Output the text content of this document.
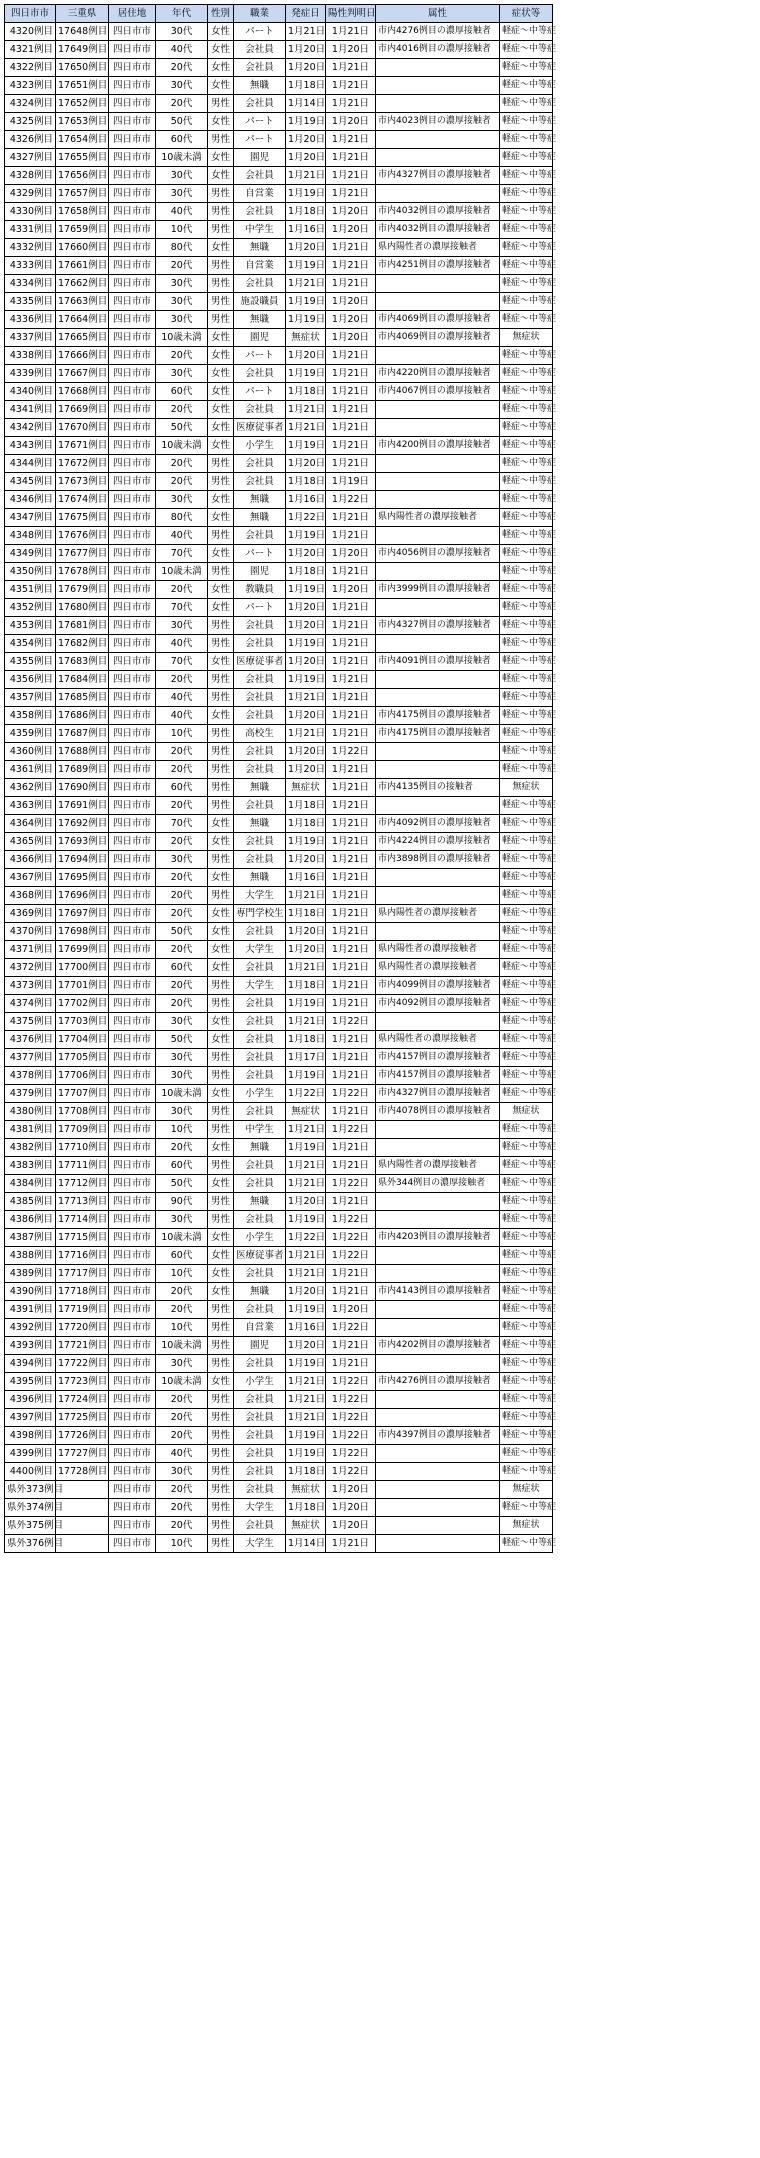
四日市市	三重県	居住地	年代	性別	職業	発症日	陽性判明日	属性	症状等
4320例目	17648例目	四日市市	30代	女性	パート	1月21日	1月21日	市内4276例目の濃厚接触者	軽症～中等症
4321例目	17649例目	四日市市	40代	女性	会社員	1月20日	1月20日	市内4016例目の濃厚接触者	軽症～中等症
4322例目	17650例目	四日市市	20代	女性	会社員	1月20日	1月21日		軽症～中等症
4323例目	17651例目	四日市市	30代	女性	無職	1月18日	1月21日		軽症～中等症
4324例目	17652例目	四日市市	20代	男性	会社員	1月14日	1月21日		軽症～中等症
4325例目	17653例目	四日市市	50代	女性	パート	1月19日	1月20日	市内4023例目の濃厚接触者	軽症～中等症
4326例目	17654例目	四日市市	60代	男性	パート	1月20日	1月21日		軽症～中等症
4327例目	17655例目	四日市市	10歳未満	女性	園児	1月20日	1月21日		軽症～中等症
4328例目	17656例目	四日市市	30代	女性	会社員	1月21日	1月21日	市内4327例目の濃厚接触者	軽症～中等症
4329例目	17657例目	四日市市	30代	男性	自営業	1月19日	1月21日		軽症～中等症
4330例目	17658例目	四日市市	40代	男性	会社員	1月18日	1月20日	市内4032例目の濃厚接触者	軽症～中等症
4331例目	17659例目	四日市市	10代	男性	中学生	1月16日	1月20日	市内4032例目の濃厚接触者	軽症～中等症
4332例目	17660例目	四日市市	80代	女性	無職	1月20日	1月21日	県内陽性者の濃厚接触者	軽症～中等症
4333例目	17661例目	四日市市	20代	男性	自営業	1月19日	1月21日	市内4251例目の濃厚接触者	軽症～中等症
4334例目	17662例目	四日市市	30代	男性	会社員	1月21日	1月21日		軽症～中等症
4335例目	17663例目	四日市市	30代	男性	施設職員	1月19日	1月20日		軽症～中等症
4336例目	17664例目	四日市市	30代	男性	無職	1月19日	1月20日	市内4069例目の濃厚接触者	軽症～中等症
4337例目	17665例目	四日市市	10歳未満	女性	園児	無症状	1月20日	市内4069例目の濃厚接触者	無症状
4338例目	17666例目	四日市市	20代	女性	パート	1月20日	1月21日		軽症～中等症
4339例目	17667例目	四日市市	30代	女性	会社員	1月19日	1月21日	市内4220例目の濃厚接触者	軽症～中等症
4340例目	17668例目	四日市市	60代	女性	パート	1月18日	1月21日	市内4067例目の濃厚接触者	軽症～中等症
4341例目	17669例目	四日市市	20代	女性	会社員	1月21日	1月21日		軽症～中等症
4342例目	17670例目	四日市市	50代	女性	医療従事者	1月21日	1月21日		軽症～中等症
4343例目	17671例目	四日市市	10歳未満	女性	小学生	1月19日	1月21日	市内4200例目の濃厚接触者	軽症～中等症
4344例目	17672例目	四日市市	20代	男性	会社員	1月20日	1月21日		軽症～中等症
4345例目	17673例目	四日市市	20代	男性	会社員	1月18日	1月19日		軽症～中等症
4346例目	17674例目	四日市市	30代	女性	無職	1月16日	1月22日		軽症～中等症
4347例目	17675例目	四日市市	80代	女性	無職	1月22日	1月21日	県内陽性者の濃厚接触者	軽症～中等症
4348例目	17676例目	四日市市	40代	男性	会社員	1月19日	1月21日		軽症～中等症
4349例目	17677例目	四日市市	70代	女性	パート	1月20日	1月20日	市内4056例目の濃厚接触者	軽症～中等症
4350例目	17678例目	四日市市	10歳未満	男性	園児	1月18日	1月21日		軽症～中等症
4351例目	17679例目	四日市市	20代	女性	教職員	1月19日	1月20日	市内3999例目の濃厚接触者	軽症～中等症
4352例目	17680例目	四日市市	70代	女性	パート	1月20日	1月21日		軽症～中等症
4353例目	17681例目	四日市市	30代	男性	会社員	1月20日	1月21日	市内4327例目の濃厚接触者	軽症～中等症
4354例目	17682例目	四日市市	40代	男性	会社員	1月19日	1月21日		軽症～中等症
4355例目	17683例目	四日市市	70代	女性	医療従事者	1月20日	1月21日	市内4091例目の濃厚接触者	軽症～中等症
4356例目	17684例目	四日市市	20代	男性	会社員	1月19日	1月21日		軽症～中等症
4357例目	17685例目	四日市市	40代	男性	会社員	1月21日	1月21日		軽症～中等症
4358例目	17686例目	四日市市	40代	女性	会社員	1月20日	1月21日	市内4175例目の濃厚接触者	軽症～中等症
4359例目	17687例目	四日市市	10代	男性	高校生	1月21日	1月21日	市内4175例目の濃厚接触者	軽症～中等症
4360例目	17688例目	四日市市	20代	男性	会社員	1月20日	1月22日		軽症～中等症
4361例目	17689例目	四日市市	20代	男性	会社員	1月20日	1月21日		軽症～中等症
4362例目	17690例目	四日市市	60代	男性	無職	無症状	1月21日	市内4135例目の接触者	無症状
4363例目	17691例目	四日市市	20代	男性	会社員	1月18日	1月21日		軽症～中等症
4364例目	17692例目	四日市市	70代	女性	無職	1月18日	1月21日	市内4092例目の濃厚接触者	軽症～中等症
4365例目	17693例目	四日市市	20代	女性	会社員	1月19日	1月21日	市内4224例目の濃厚接触者	軽症～中等症
4366例目	17694例目	四日市市	30代	男性	会社員	1月20日	1月21日	市内3898例目の濃厚接触者	軽症～中等症
4367例目	17695例目	四日市市	20代	女性	無職	1月16日	1月21日		軽症～中等症
4368例目	17696例目	四日市市	20代	男性	大学生	1月21日	1月21日		軽症～中等症
4369例目	17697例目	四日市市	20代	女性	専門学校生	1月18日	1月21日	県内陽性者の濃厚接触者	軽症～中等症
4370例目	17698例目	四日市市	50代	女性	会社員	1月20日	1月21日		軽症～中等症
4371例目	17699例目	四日市市	20代	女性	大学生	1月20日	1月21日	県内陽性者の濃厚接触者	軽症～中等症
4372例目	17700例目	四日市市	60代	女性	会社員	1月21日	1月21日	県内陽性者の濃厚接触者	軽症～中等症
4373例目	17701例目	四日市市	20代	男性	大学生	1月18日	1月21日	市内4099例目の濃厚接触者	軽症～中等症
4374例目	17702例目	四日市市	20代	男性	会社員	1月19日	1月21日	市内4092例目の濃厚接触者	軽症～中等症
4375例目	17703例目	四日市市	30代	女性	会社員	1月21日	1月22日		軽症～中等症
4376例目	17704例目	四日市市	50代	女性	会社員	1月18日	1月21日	県内陽性者の濃厚接触者	軽症～中等症
4377例目	17705例目	四日市市	30代	男性	会社員	1月17日	1月21日	市内4157例目の濃厚接触者	軽症～中等症
4378例目	17706例目	四日市市	30代	男性	会社員	1月19日	1月21日	市内4157例目の濃厚接触者	軽症～中等症
4379例目	17707例目	四日市市	10歳未満	女性	小学生	1月22日	1月22日	市内4327例目の濃厚接触者	軽症～中等症
4380例目	17708例目	四日市市	30代	男性	会社員	無症状	1月21日	市内4078例目の濃厚接触者	無症状
4381例目	17709例目	四日市市	10代	男性	中学生	1月21日	1月22日		軽症～中等症
4382例目	17710例目	四日市市	20代	女性	無職	1月19日	1月21日		軽症～中等症
4383例目	17711例目	四日市市	60代	男性	会社員	1月21日	1月21日	県内陽性者の濃厚接触者	軽症～中等症
4384例目	17712例目	四日市市	50代	女性	会社員	1月21日	1月22日	県外344例目の濃厚接触者	軽症～中等症
4385例目	17713例目	四日市市	90代	男性	無職	1月20日	1月21日		軽症～中等症
4386例目	17714例目	四日市市	30代	男性	会社員	1月19日	1月22日		軽症～中等症
4387例目	17715例目	四日市市	10歳未満	女性	小学生	1月22日	1月22日	市内4203例目の濃厚接触者	軽症～中等症
4388例目	17716例目	四日市市	60代	女性	医療従事者	1月21日	1月22日		軽症～中等症
4389例目	17717例目	四日市市	10代	女性	会社員	1月21日	1月21日		軽症～中等症
4390例目	17718例目	四日市市	20代	女性	無職	1月20日	1月21日	市内4143例目の濃厚接触者	軽症～中等症
4391例目	17719例目	四日市市	20代	男性	会社員	1月19日	1月20日		軽症～中等症
4392例目	17720例目	四日市市	10代	男性	自営業	1月16日	1月22日		軽症～中等症
4393例目	17721例目	四日市市	10歳未満	男性	園児	1月20日	1月21日	市内4202例目の濃厚接触者	軽症～中等症
4394例目	17722例目	四日市市	30代	男性	会社員	1月19日	1月21日		軽症～中等症
4395例目	17723例目	四日市市	10歳未満	女性	小学生	1月21日	1月22日	市内4276例目の濃厚接触者	軽症～中等症
4396例目	17724例目	四日市市	20代	男性	会社員	1月21日	1月22日		軽症～中等症
4397例目	17725例目	四日市市	20代	男性	会社員	1月21日	1月22日		軽症～中等症
4398例目	17726例目	四日市市	20代	男性	会社員	1月19日	1月22日	市内4397例目の濃厚接触者	軽症～中等症
4399例目	17727例目	四日市市	40代	男性	会社員	1月19日	1月22日		軽症～中等症
4400例目	17728例目	四日市市	30代	男性	会社員	1月18日	1月22日		軽症～中等症
県外373例目		四日市市	20代	男性	会社員	無症状	1月20日		無症状
県外374例目		四日市市	20代	男性	大学生	1月18日	1月20日		軽症～中等症
県外375例目		四日市市	20代	男性	会社員	無症状	1月20日		無症状
県外376例目		四日市市	10代	男性	大学生	1月14日	1月21日		軽症～中等症
